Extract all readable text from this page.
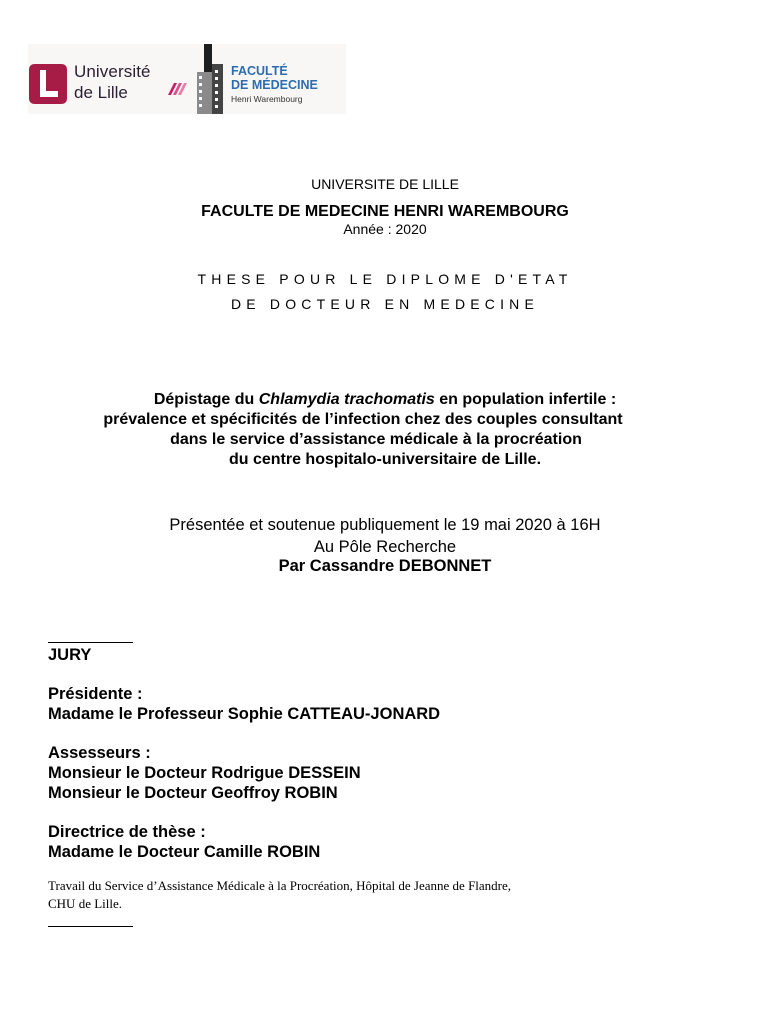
Université
de Lille
FACULTÉ
DE MÉDECINE
Henri Warembourg
UNIVERSITE DE LILLE
FACULTE DE MEDECINE HENRI WAREMBOURG
Année : 2020
THESE POUR LE DIPLOME D'ETAT
DE DOCTEUR EN MEDECINE
Dépistage du Chlamydia trachomatis en population infertile :
prévalence et spécificités de l’infection chez des couples consultant
dans le service d’assistance médicale à la procréation
du centre hospitalo-universitaire de Lille.
Présentée et soutenue publiquement le 19 mai 2020 à 16H
Au Pôle Recherche
Par Cassandre DEBONNET
JURY
Présidente :
Madame le Professeur Sophie CATTEAU-JONARD
Assesseurs :
Monsieur le Docteur Rodrigue DESSEIN
Monsieur le Docteur Geoffroy ROBIN
Directrice de thèse :
Madame le Docteur Camille ROBIN
Travail du Service d’Assistance Médicale à la Procréation, Hôpital de Jeanne de Flandre,
CHU de Lille.
